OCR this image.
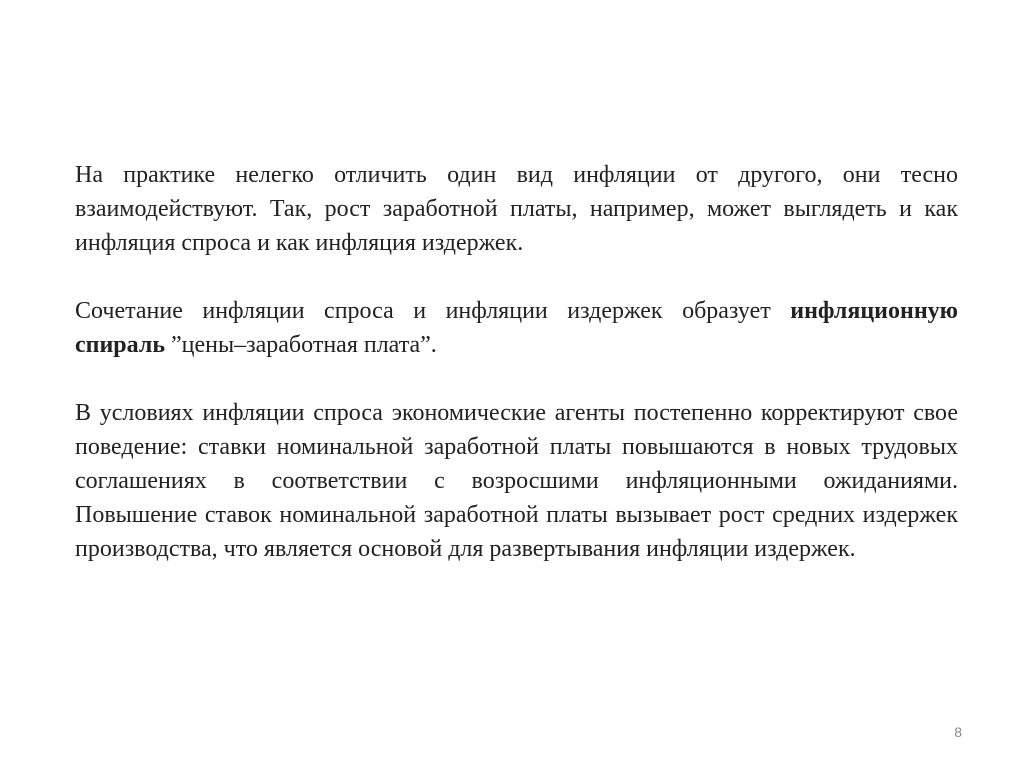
На практике нелегко отличить один вид инфляции от другого, они тесно взаимодействуют. Так, рост заработной платы, например, может выглядеть и как инфляция спроса и как инфляция издержек.

Сочетание инфляции спроса и инфляции издержек образует инфляционную спираль ”цены–заработная плата”.

В условиях инфляции спроса экономические агенты постепенно корректируют свое поведение: ставки номинальной заработной платы повышаются в новых трудовых соглашениях в соответствии с возросшими инфляционными ожиданиями. Повышение ставок номинальной заработной платы вызывает рост средних издержек производства, что является основой для развертывания инфляции издержек.

8
